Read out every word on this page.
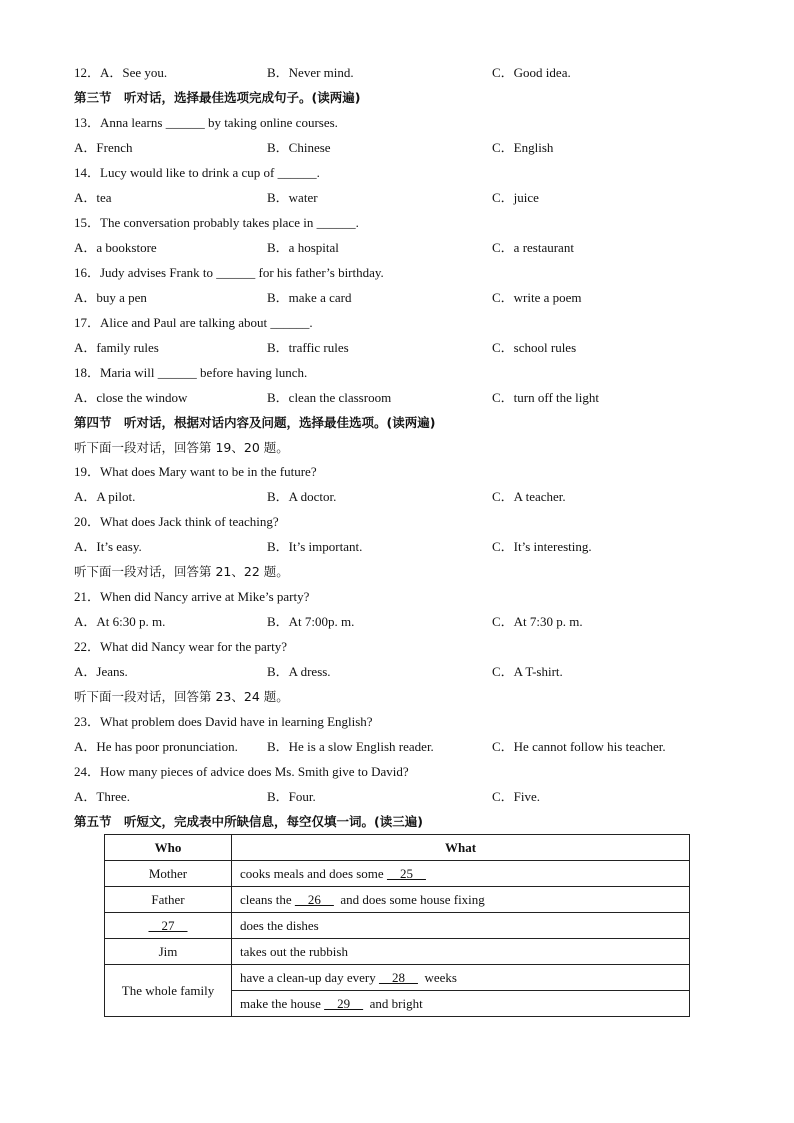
12．A．See you.	B．Never mind.	C．Good idea.
第三节　听对话，选择最佳选项完成句子。(读两遍)
13．Anna learns ______ by taking online courses.
A．French	B．Chinese	C．English
14．Lucy would like to drink a cup of ______.
A．tea	B．water	C．juice
15．The conversation probably takes place in ______.
A．a bookstore	B．a hospital	C．a restaurant
16．Judy advises Frank to ______ for his father’s birthday.
A．buy a pen	B．make a card	C．write a poem
17．Alice and Paul are talking about ______.
A．family rules	B．traffic rules	C．school rules
18．Maria will ______ before having lunch.
A．close the window	B．clean the classroom	C．turn off the light
第四节　听对话，根据对话内容及问题，选择最佳选项。(读两遍)
听下面一段对话，回答第 19、20 题。
19．What does Mary want to be in the future?
A．A pilot.	B．A doctor.	C．A teacher.
20．What does Jack think of teaching?
A．It’s easy.	B．It’s important.	C．It’s interesting.
听下面一段对话，回答第 21、22 题。
21．When did Nancy arrive at Mike’s party?
A．At 6:30 p. m.	B．At 7:00p. m.	C．At 7:30 p. m.
22．What did Nancy wear for the party?
A．Jeans.	B．A dress.	C．A T-shirt.
听下面一段对话，回答第 23、24 题。
23．What problem does David have in learning English?
A．He has poor pronunciation. B．He is a slow English reader.	C．He cannot follow his teacher.
24．How many pieces of advice does Ms. Smith give to David?
A．Three.	B．Four.	C．Five.
第五节　听短文，完成表中所缺信息，每空仅填一词。(读三遍)
Who	What
Mother	cooks meals and does some     25
Father	cleans the     26      and does some house fixing
27	does the dishes
Jim	takes out the rubbish
The whole family	have a clean-up day every     28      weeks
	make the house     29      and bright
